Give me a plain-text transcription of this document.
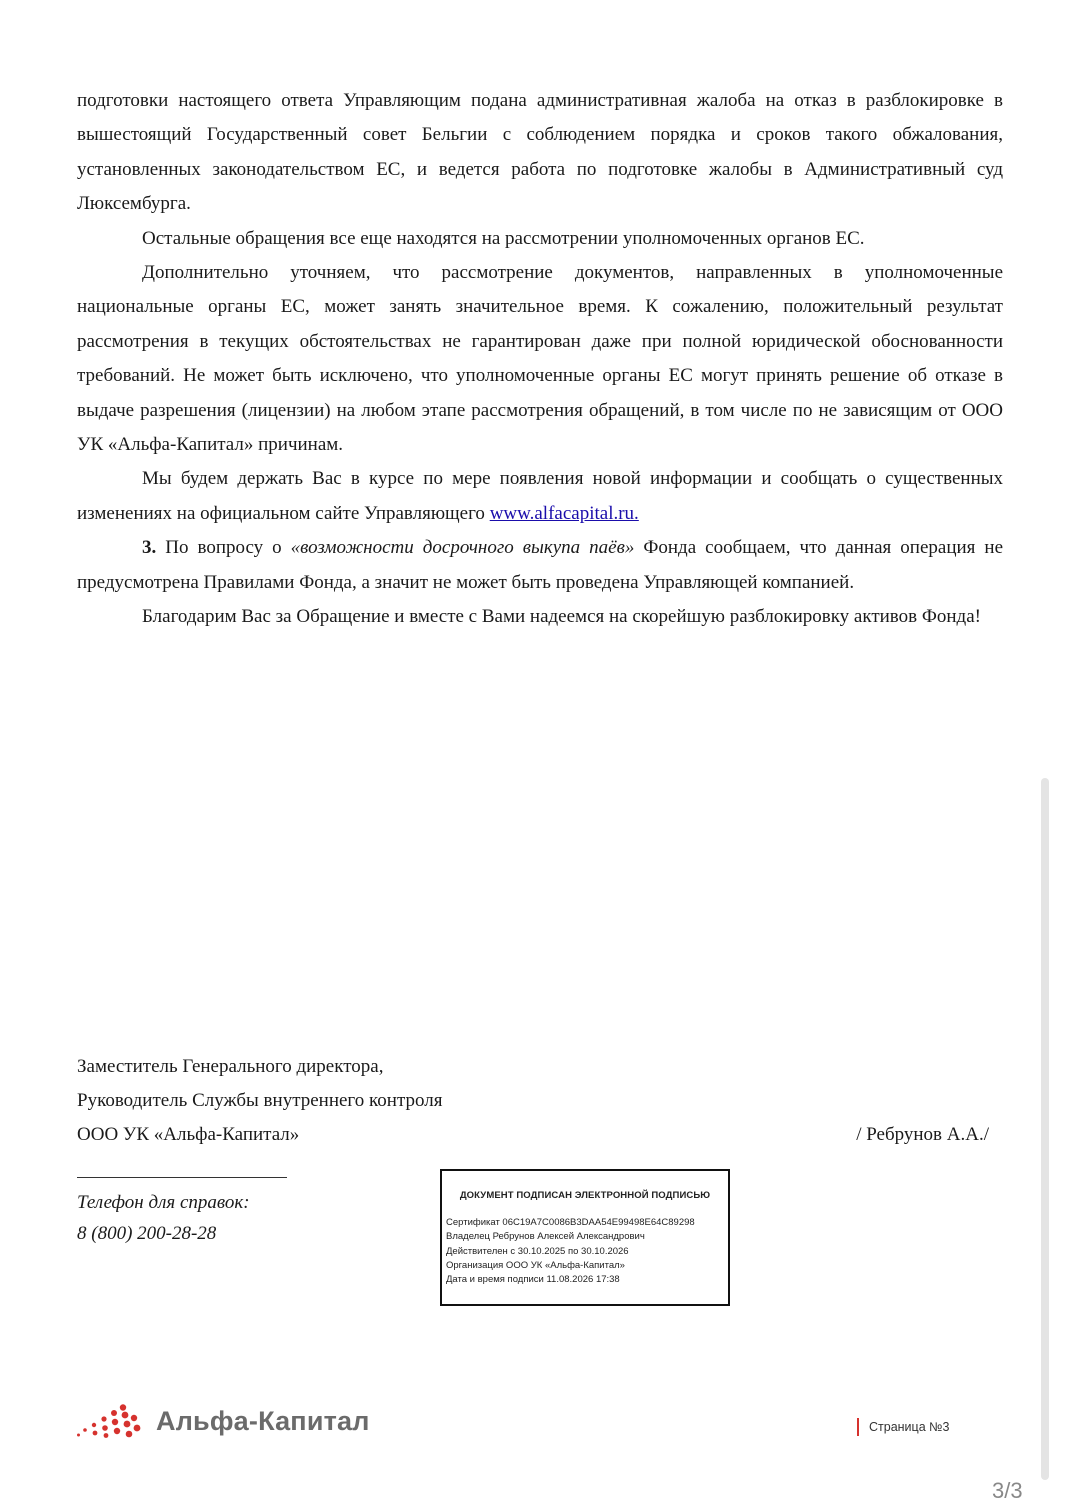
подготовки настоящего ответа Управляющим подана административная жалоба на отказ в разблокировке в вышестоящий Государственный совет Бельгии с соблюдением порядка и сроков такого обжалования, установленных законодательством ЕС, и ведется работа по подготовке жалобы в Административный суд Люксембурга.

Остальные обращения все еще находятся на рассмотрении уполномоченных органов ЕС.

Дополнительно уточняем, что рассмотрение документов, направленных в уполномоченные национальные органы ЕС, может занять значительное время. К сожалению, положительный результат рассмотрения в текущих обстоятельствах не гарантирован даже при полной юридической обоснованности требований. Не может быть исключено, что уполномоченные органы ЕС могут принять решение об отказе в выдаче разрешения (лицензии) на любом этапе рассмотрения обращений, в том числе по не зависящим от ООО УК «Альфа-Капитал» причинам.

Мы будем держать Вас в курсе по мере появления новой информации и сообщать о существенных изменениях на официальном сайте Управляющего www.alfacapital.ru.

3. По вопросу о «возможности досрочного выкупа паёв» Фонда сообщаем, что данная операция не предусмотрена Правилами Фонда, а значит не может быть проведена Управляющей компанией.

Благодарим Вас за Обращение и вместе с Вами надеемся на скорейшую разблокировку активов Фонда!

Заместитель Генерального директора,

Руководитель Службы внутреннего контроля

ООО УК «Альфа-Капитал»	/ Ребрунов А.А./

Телефон для справок:

8 (800) 200-28-28

ДОКУМЕНТ ПОДПИСАН ЭЛЕКТРОННОЙ ПОДПИСЬЮ
Сертификат 06C19A7C0086B3DAA54E99498E64C89298
Владелец Ребрунов Алексей Александрович
Действителен с 30.10.2025 по 30.10.2026
Организация ООО УК «Альфа-Капитал»
Дата и время подписи 11.08.2026 17:38
Альфа-Капитал	Страница №3
3/3
